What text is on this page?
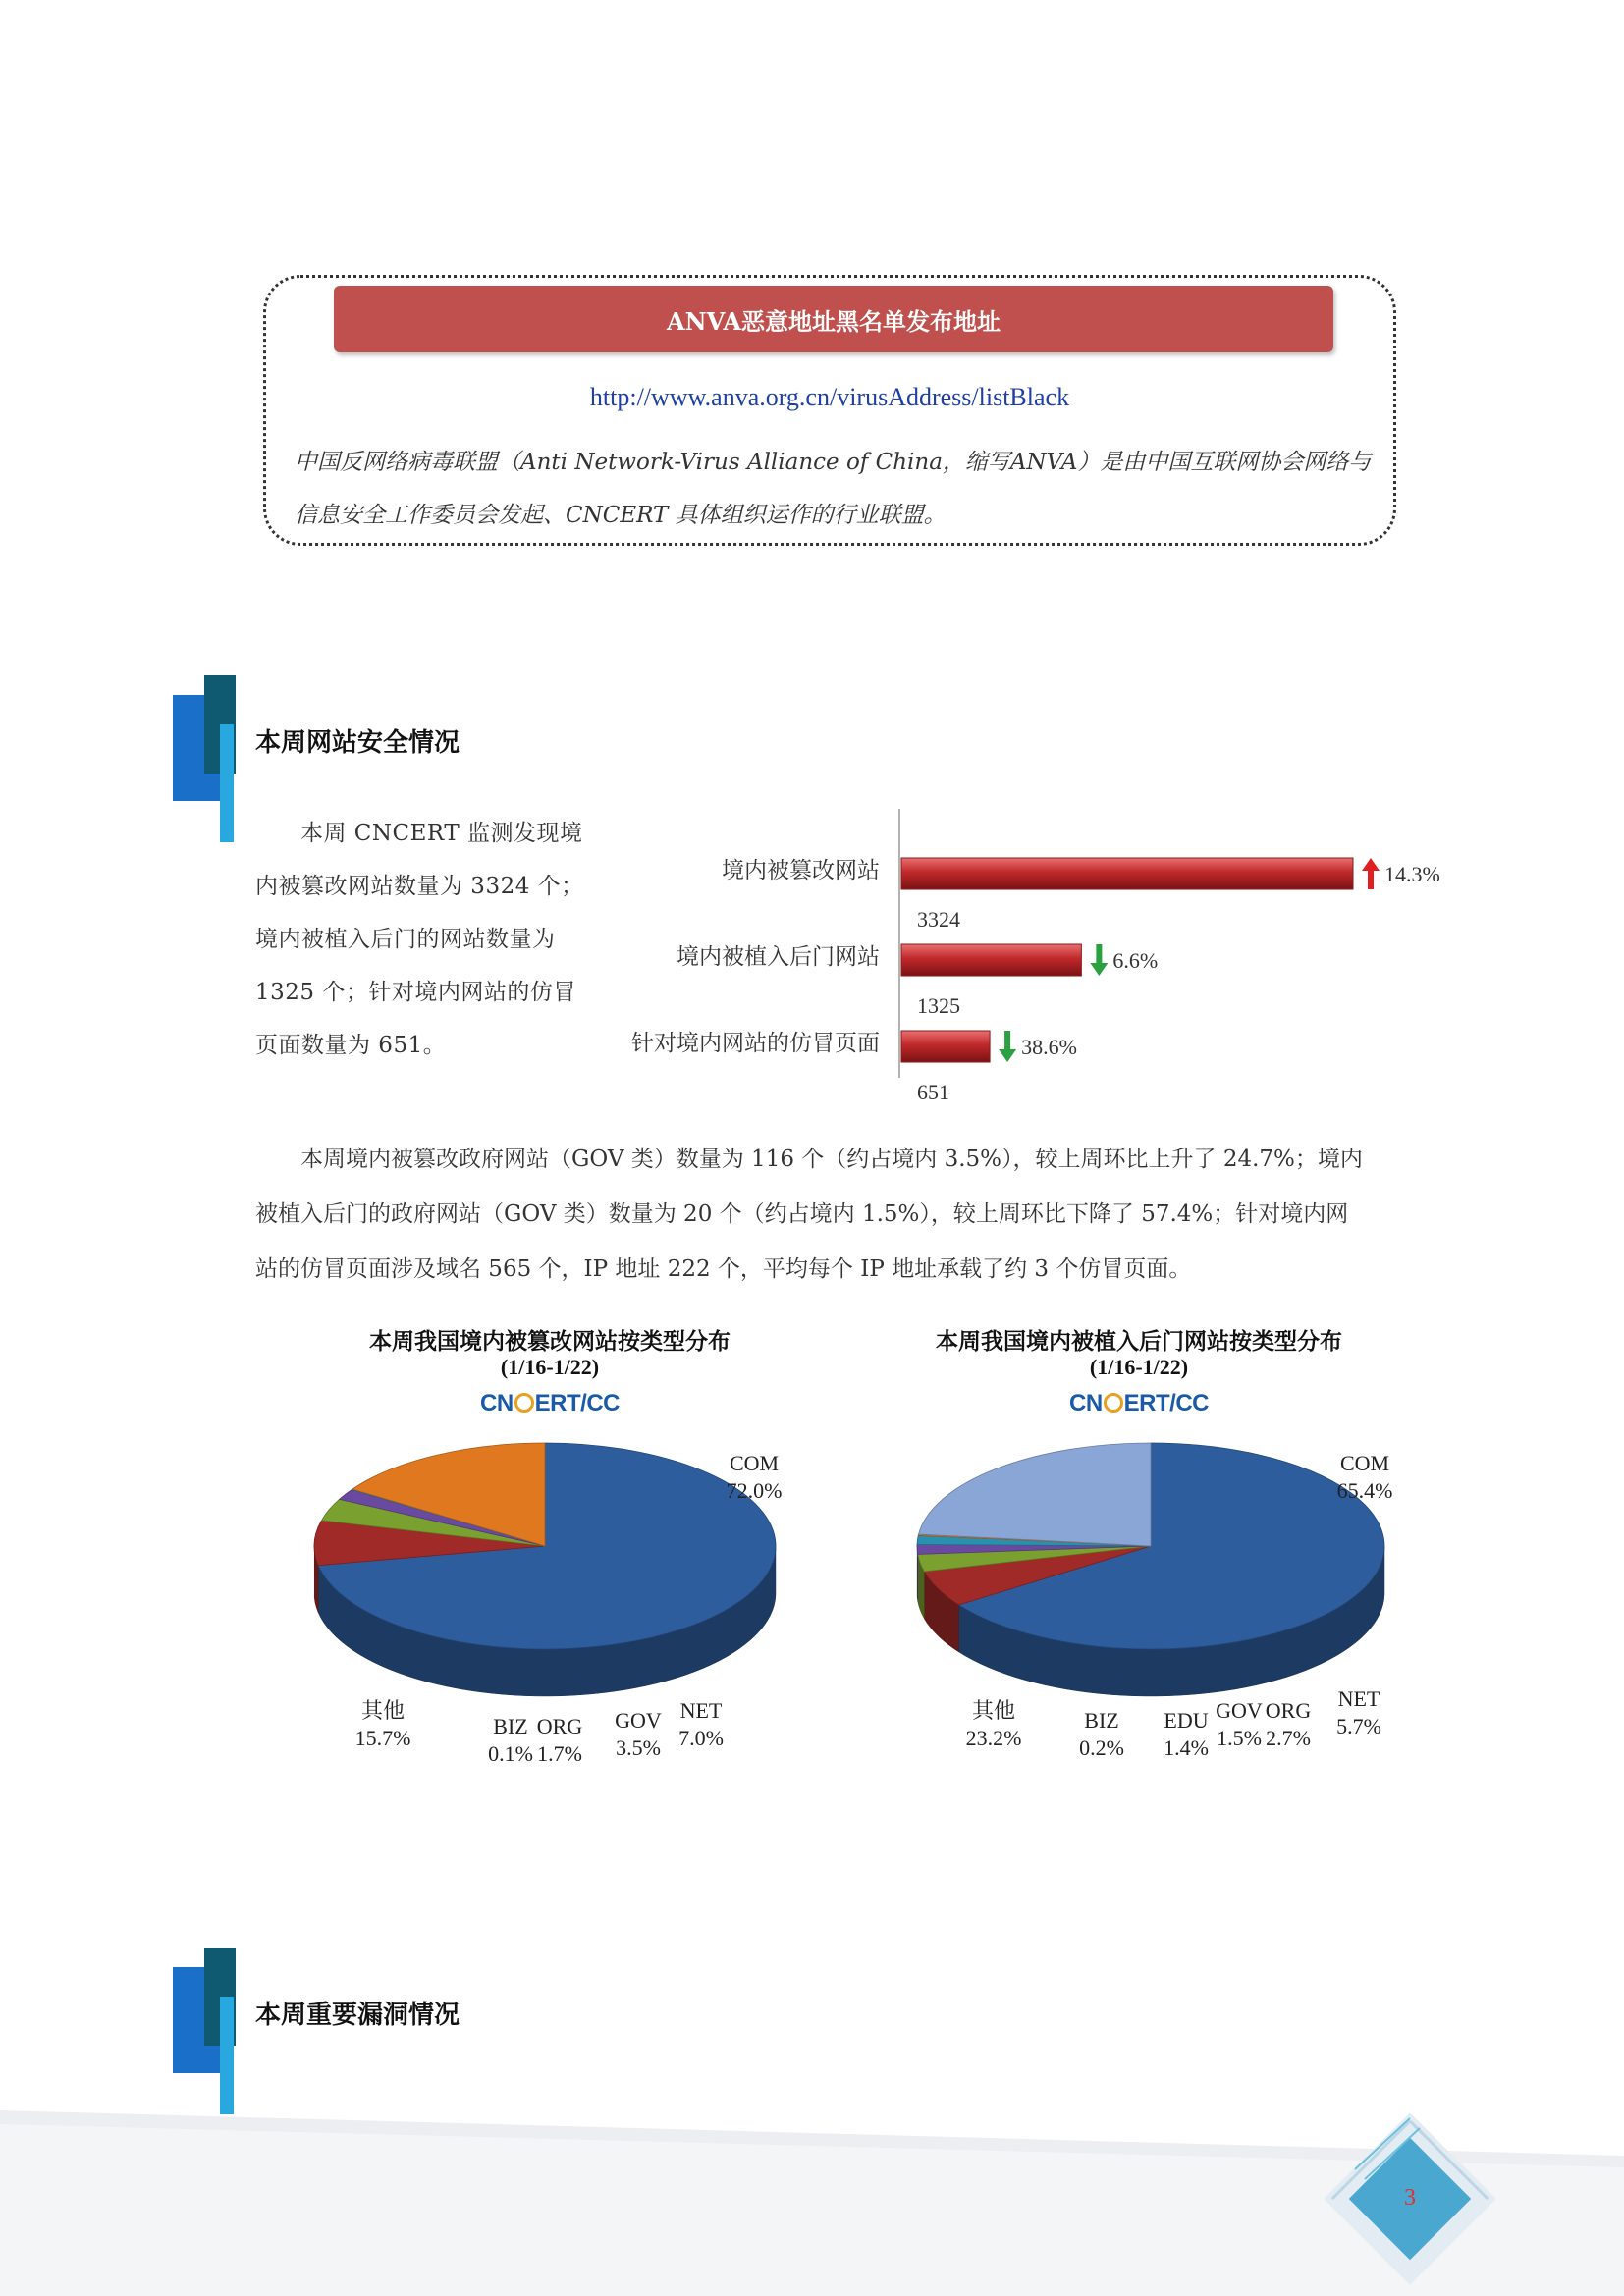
ANVA恶意地址黑名单发布地址
http://www.anva.org.cn/virusAddress/listBlack
中国反网络病毒联盟（Anti Network-Virus Alliance of China，缩写ANVA）是由中国互联网协会网络与
信息安全工作委员会发起、CNCERT 具体组织运作的行业联盟。
本周网站安全情况
本周 CNCERT 监测发现境
内被篡改网站数量为 3324 个；
境内被植入后门的网站数量为
1325 个；针对境内网站的仿冒
页面数量为 651。
境内被篡改网站
3324
14.3%
境内被植入后门网站
1325
6.6%
针对境内网站的仿冒页面
651
38.6%
本周境内被篡改政府网站（GOV 类）数量为 116 个（约占境内 3.5%），较上周环比上升了 24.7%；境内
被植入后门的政府网站（GOV 类）数量为 20 个（约占境内 1.5%），较上周环比下降了 57.4%；针对境内网
站的仿冒页面涉及域名 565 个，IP 地址 222 个，平均每个 IP 地址承载了约 3 个仿冒页面。
本周我国境内被篡改网站按类型分布
(1/16-1/22)
CN ERT/CC
COM
72.0%
NET
7.0%
GOV
3.5%
ORG
1.7%
BIZ
0.1%
其他
15.7%
本周我国境内被植入后门网站按类型分布
(1/16-1/22)
CN ERT/CC
COM
65.4%
NET
5.7%
ORG
2.7%
GOV
1.5%
EDU
1.4%
BIZ
0.2%
其他
23.2%
本周重要漏洞情况
3
